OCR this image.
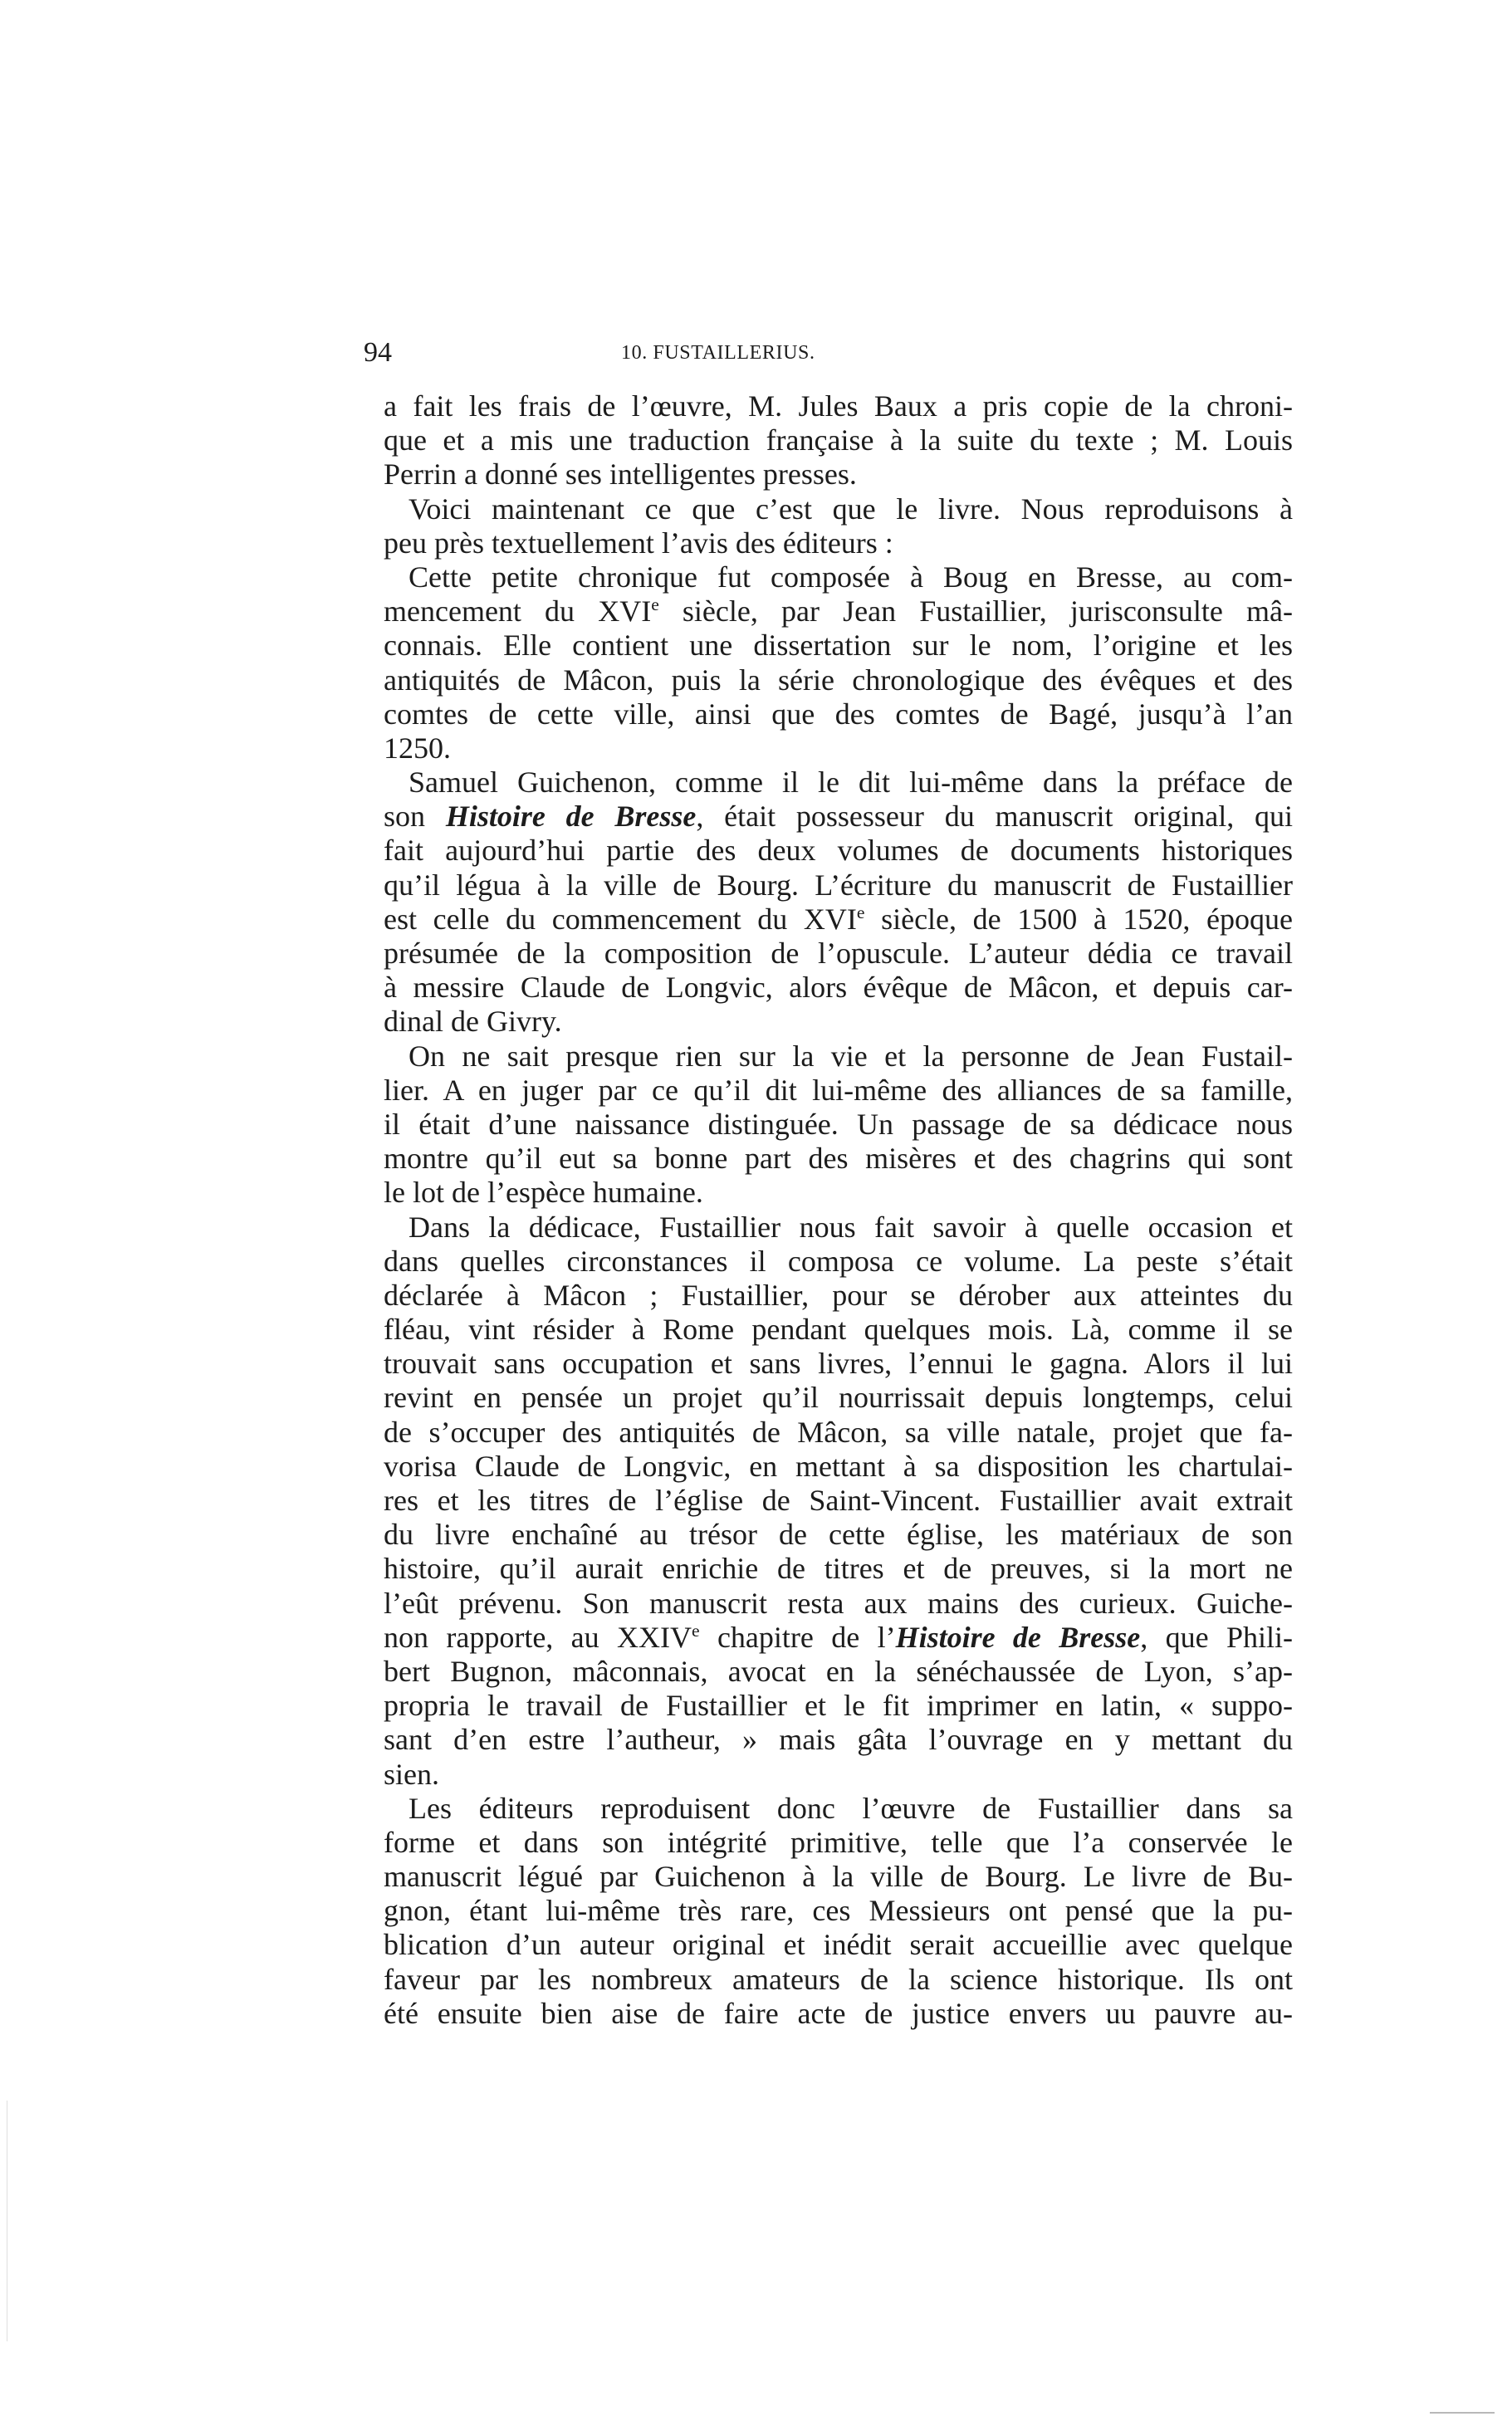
94	10. FUSTAILLERIUS.
a fait les frais de l’œuvre, M. Jules Baux a pris copie de la chroni-
que et a mis une traduction française à la suite du texte ; M. Louis
Perrin a donné ses intelligentes presses.
Voici maintenant ce que c’est que le livre. Nous reproduisons à
peu près textuellement l’avis des éditeurs :
Cette petite chronique fut composée à Boug en Bresse, au com-
mencement du XVIe siècle, par Jean Fustaillier, jurisconsulte mâ-
connais. Elle contient une dissertation sur le nom, l’origine et les
antiquités de Mâcon, puis la série chronologique des évêques et des
comtes de cette ville, ainsi que des comtes de Bagé, jusqu’à l’an
1250.
Samuel Guichenon, comme il le dit lui-même dans la préface de
son Histoire de Bresse, était possesseur du manuscrit original, qui
fait aujourd’hui partie des deux volumes de documents historiques
qu’il légua à la ville de Bourg. L’écriture du manuscrit de Fustaillier
est celle du commencement du XVIe siècle, de 1500 à 1520, époque
présumée de la composition de l’opuscule. L’auteur dédia ce travail
à messire Claude de Longvic, alors évêque de Mâcon, et depuis car-
dinal de Givry.
On ne sait presque rien sur la vie et la personne de Jean Fustail-
lier. A en juger par ce qu’il dit lui-même des alliances de sa famille,
il était d’une naissance distinguée. Un passage de sa dédicace nous
montre qu’il eut sa bonne part des misères et des chagrins qui sont
le lot de l’espèce humaine.
Dans la dédicace, Fustaillier nous fait savoir à quelle occasion et
dans quelles circonstances il composa ce volume. La peste s’était
déclarée à Mâcon ; Fustaillier, pour se dérober aux atteintes du
fléau, vint résider à Rome pendant quelques mois. Là, comme il se
trouvait sans occupation et sans livres, l’ennui le gagna. Alors il lui
revint en pensée un projet qu’il nourrissait depuis longtemps, celui
de s’occuper des antiquités de Mâcon, sa ville natale, projet que fa-
vorisa Claude de Longvic, en mettant à sa disposition les chartulai-
res et les titres de l’église de Saint-Vincent. Fustaillier avait extrait
du livre enchaîné au trésor de cette église, les matériaux de son
histoire, qu’il aurait enrichie de titres et de preuves, si la mort ne
l’eût prévenu. Son manuscrit resta aux mains des curieux. Guiche-
non rapporte, au XXIVe chapitre de l’Histoire de Bresse, que Phili-
bert Bugnon, mâconnais, avocat en la sénéchaussée de Lyon, s’ap-
propria le travail de Fustaillier et le fit imprimer en latin, « suppo-
sant d’en estre l’autheur, » mais gâta l’ouvrage en y mettant du
sien.
Les éditeurs reproduisent donc l’œuvre de Fustaillier dans sa
forme et dans son intégrité primitive, telle que l’a conservée le
manuscrit légué par Guichenon à la ville de Bourg. Le livre de Bu-
gnon, étant lui-même très rare, ces Messieurs ont pensé que la pu-
blication d’un auteur original et inédit serait accueillie avec quelque
faveur par les nombreux amateurs de la science historique. Ils ont
été ensuite bien aise de faire acte de justice envers uu pauvre au-
